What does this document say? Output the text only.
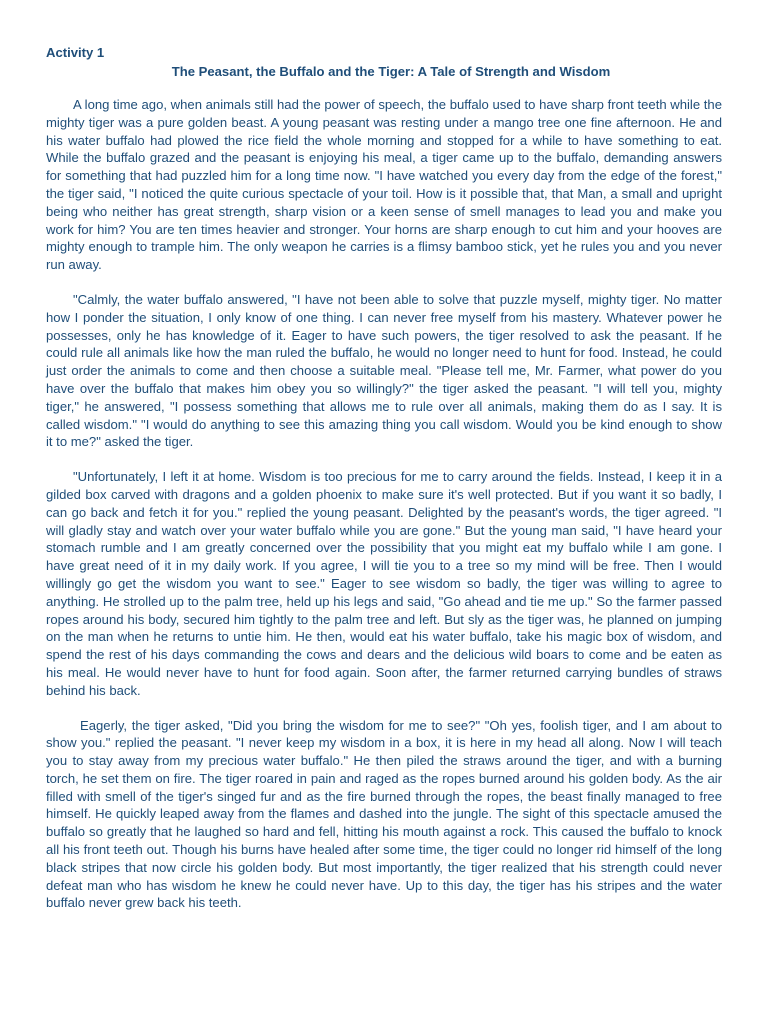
Activity 1

The Peasant, the Buffalo and the Tiger: A Tale of Strength and Wisdom

A long time ago, when animals still had the power of speech, the buffalo used to have sharp front teeth while the mighty tiger was a pure golden beast. A young peasant was resting under a mango tree one fine afternoon. He and his water buffalo had plowed the rice field the whole morning and stopped for a while to have something to eat. While the buffalo grazed and the peasant is enjoying his meal, a tiger came up to the buffalo, demanding answers for something that had puzzled him for a long time now. "I have watched you every day from the edge of the forest," the tiger said, "I noticed the quite curious spectacle of your toil. How is it possible that, that Man, a small and upright being who neither has great strength, sharp vision or a keen sense of smell manages to lead you and make you work for him? You are ten times heavier and stronger. Your horns are sharp enough to cut him and your hooves are mighty enough to trample him. The only weapon he carries is a flimsy bamboo stick, yet he rules you and you never run away.

"Calmly, the water buffalo answered, "I have not been able to solve that puzzle myself, mighty tiger. No matter how I ponder the situation, I only know of one thing. I can never free myself from his mastery. Whatever power he possesses, only he has knowledge of it. Eager to have such powers, the tiger resolved to ask the peasant. If he could rule all animals like how the man ruled the buffalo, he would no longer need to hunt for food. Instead, he could just order the animals to come and then choose a suitable meal. "Please tell me, Mr. Farmer, what power do you have over the buffalo that makes him obey you so willingly?" the tiger asked the peasant. "I will tell you, mighty tiger," he answered, "I possess something that allows me to rule over all animals, making them do as I say. It is called wisdom." "I would do anything to see this amazing thing you call wisdom. Would you be kind enough to show it to me?" asked the tiger.

"Unfortunately, I left it at home. Wisdom is too precious for me to carry around the fields. Instead, I keep it in a gilded box carved with dragons and a golden phoenix to make sure it's well protected. But if you want it so badly, I can go back and fetch it for you." replied the young peasant. Delighted by the peasant's words, the tiger agreed. "I will gladly stay and watch over your water buffalo while you are gone." But the young man said, "I have heard your stomach rumble and I am greatly concerned over the possibility that you might eat my buffalo while I am gone. I have great need of it in my daily work. If you agree, I will tie you to a tree so my mind will be free. Then I would willingly go get the wisdom you want to see." Eager to see wisdom so badly, the tiger was willing to agree to anything. He strolled up to the palm tree, held up his legs and said, "Go ahead and tie me up." So the farmer passed ropes around his body, secured him tightly to the palm tree and left. But sly as the tiger was, he planned on jumping on the man when he returns to untie him. He then, would eat his water buffalo, take his magic box of wisdom, and spend the rest of his days commanding the cows and dears and the delicious wild boars to come and be eaten as his meal. He would never have to hunt for food again. Soon after, the farmer returned carrying bundles of straws behind his back.

Eagerly, the tiger asked, "Did you bring the wisdom for me to see?" "Oh yes, foolish tiger, and I am about to show you." replied the peasant. "I never keep my wisdom in a box, it is here in my head all along. Now I will teach you to stay away from my precious water buffalo." He then piled the straws around the tiger, and with a burning torch, he set them on fire. The tiger roared in pain and raged as the ropes burned around his golden body. As the air filled with smell of the tiger's singed fur and as the fire burned through the ropes, the beast finally managed to free himself. He quickly leaped away from the flames and dashed into the jungle. The sight of this spectacle amused the buffalo so greatly that he laughed so hard and fell, hitting his mouth against a rock. This caused the buffalo to knock all his front teeth out. Though his burns have healed after some time, the tiger could no longer rid himself of the long black stripes that now circle his golden body. But most importantly, the tiger realized that his strength could never defeat man who has wisdom he knew he could never have. Up to this day, the tiger has his stripes and the water buffalo never grew back his teeth.
